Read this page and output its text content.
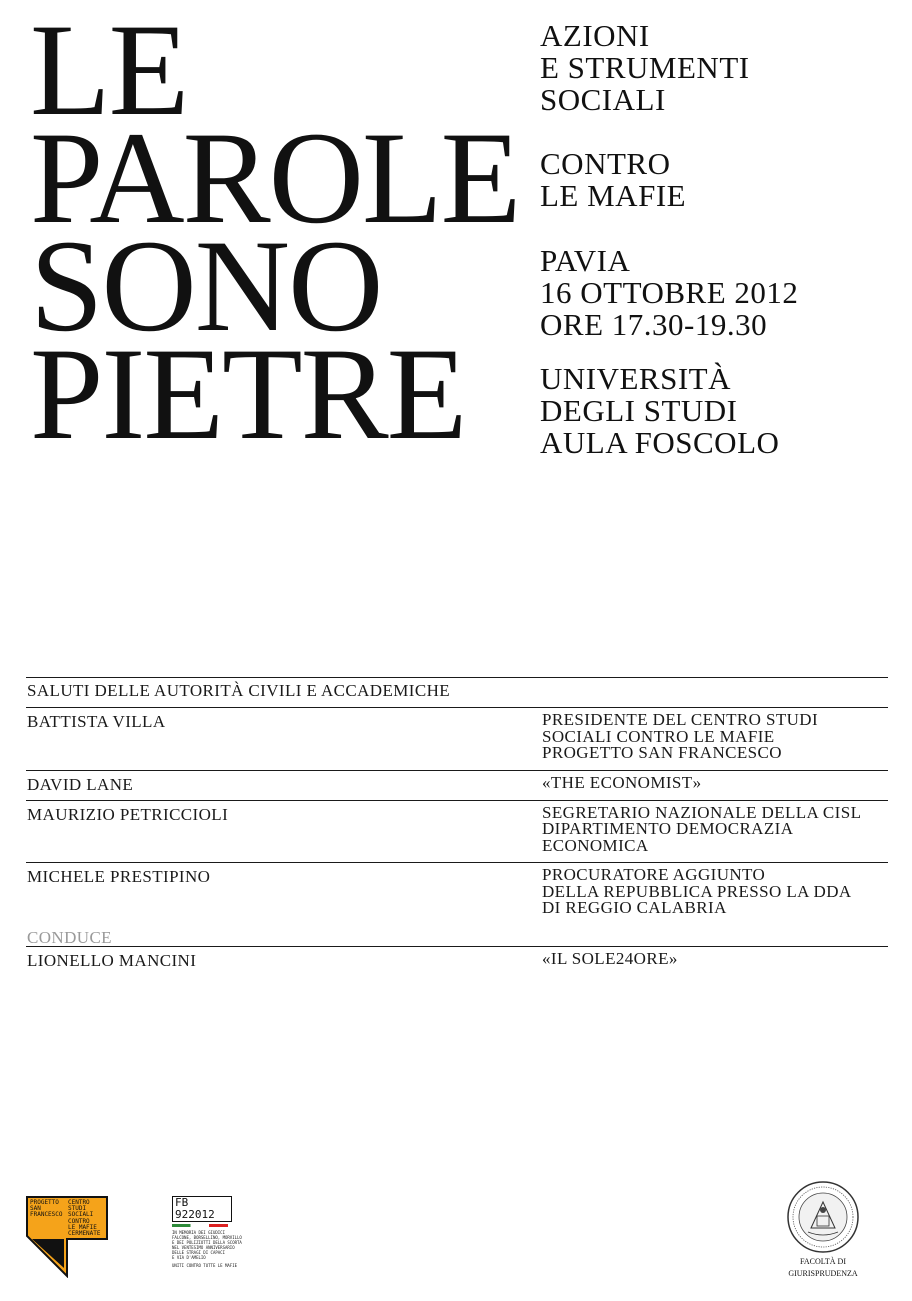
LE
PAROLE
SONO
PIETRE
AZIONI
E STRUMENTI
SOCIALI
CONTRO
LE MAFIE
PAVIA
16 OTTOBRE 2012
ORE 17.30-19.30
UNIVERSITÀ
DEGLI STUDI
AULA FOSCOLO
SALUTI DELLE AUTORITÀ CIVILI E ACCADEMICHE
BATTISTA VILLA	PRESIDENTE DEL CENTRO STUDI
SOCIALI CONTRO LE MAFIE
PROGETTO SAN FRANCESCO
DAVID LANE	«THE ECONOMIST»
MAURIZIO PETRICCIOLI	SEGRETARIO NAZIONALE DELLA CISL
DIPARTIMENTO DEMOCRAZIA
ECONOMICA
MICHELE PRESTIPINO	PROCURATORE AGGIUNTO
DELLA REPUBBLICA PRESSO LA DDA
DI REGGIO CALABRIA
CONDUCE
LIONELLO MANCINI	«IL SOLE24ORE»
PROGETTO
SAN
FRANCESCO
CENTRO
STUDI
SOCIALI
CONTRO
LE MAFIE
CERMENATE
FB 922012
IN MEMORIA DEI GIUDICI
FALCONE, BORSELLINO, MORVILLO
E DEI POLIZIOTTI DELLA SCORTA
NEL VENTESIMO ANNIVERSARIO
DELLE STRAGI DI CAPACI
E VIA D'AMELIO
UNITI CONTRO TUTTE LE MAFIE	FACOLTÀ DI
GIURISPRUDENZA
